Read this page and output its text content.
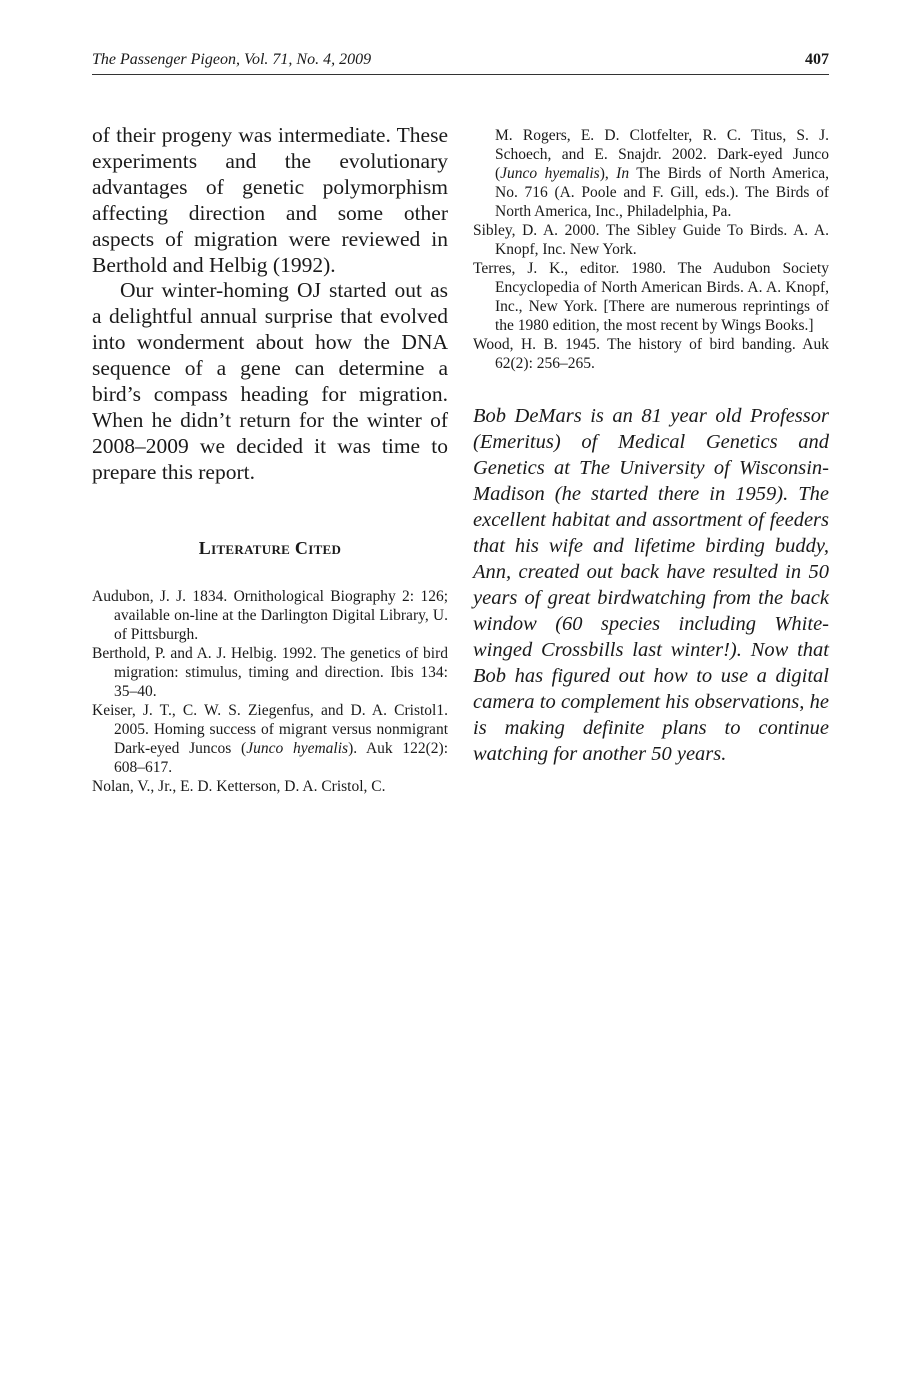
The Passenger Pigeon, Vol. 71, No. 4, 2009	407

of their progeny was intermediate. These experiments and the evolutionary advantages of genetic polymorphism affecting direction and some other aspects of migration were reviewed in Berthold and Helbig (1992).

Our winter-homing OJ started out as a delightful annual surprise that evolved into wonderment about how the DNA sequence of a gene can determine a bird’s compass heading for migration. When he didn’t return for the winter of 2008–2009 we decided it was time to prepare this report.

Literature Cited

Audubon, J. J. 1834. Ornithological Biography 2: 126; available on-line at the Darlington Digital Library, U. of Pittsburgh.

Berthold, P. and A. J. Helbig. 1992. The genetics of bird migration: stimulus, timing and direction. Ibis 134: 35–40.

Keiser, J. T., C. W. S. Ziegenfus, and D. A. Cristol1. 2005. Homing success of migrant versus nonmigrant Dark-eyed Juncos (Junco hyemalis). Auk 122(2): 608–617.

Nolan, V., Jr., E. D. Ketterson, D. A. Cristol, C.

M. Rogers, E. D. Clotfelter, R. C. Titus, S. J. Schoech, and E. Snajdr. 2002. Dark-eyed Junco (Junco hyemalis), In The Birds of North America, No. 716 (A. Poole and F. Gill, eds.). The Birds of North America, Inc., Philadelphia, Pa.

Sibley, D. A. 2000. The Sibley Guide To Birds. A. A. Knopf, Inc. New York.

Terres, J. K., editor. 1980. The Audubon Society Encyclopedia of North American Birds. A. A. Knopf, Inc., New York. [There are numerous reprintings of the 1980 edition, the most recent by Wings Books.]

Wood, H. B. 1945. The history of bird banding. Auk 62(2): 256–265.

Bob DeMars is an 81 year old Professor (Emeritus) of Medical Genetics and Genetics at The University of Wisconsin-Madison (he started there in 1959). The excellent habitat and assortment of feeders that his wife and lifetime birding buddy, Ann, created out back have resulted in 50 years of great birdwatching from the back window (60 species including White-winged Crossbills last winter!). Now that Bob has figured out how to use a digital camera to complement his observations, he is making definite plans to continue watching for another 50 years.
